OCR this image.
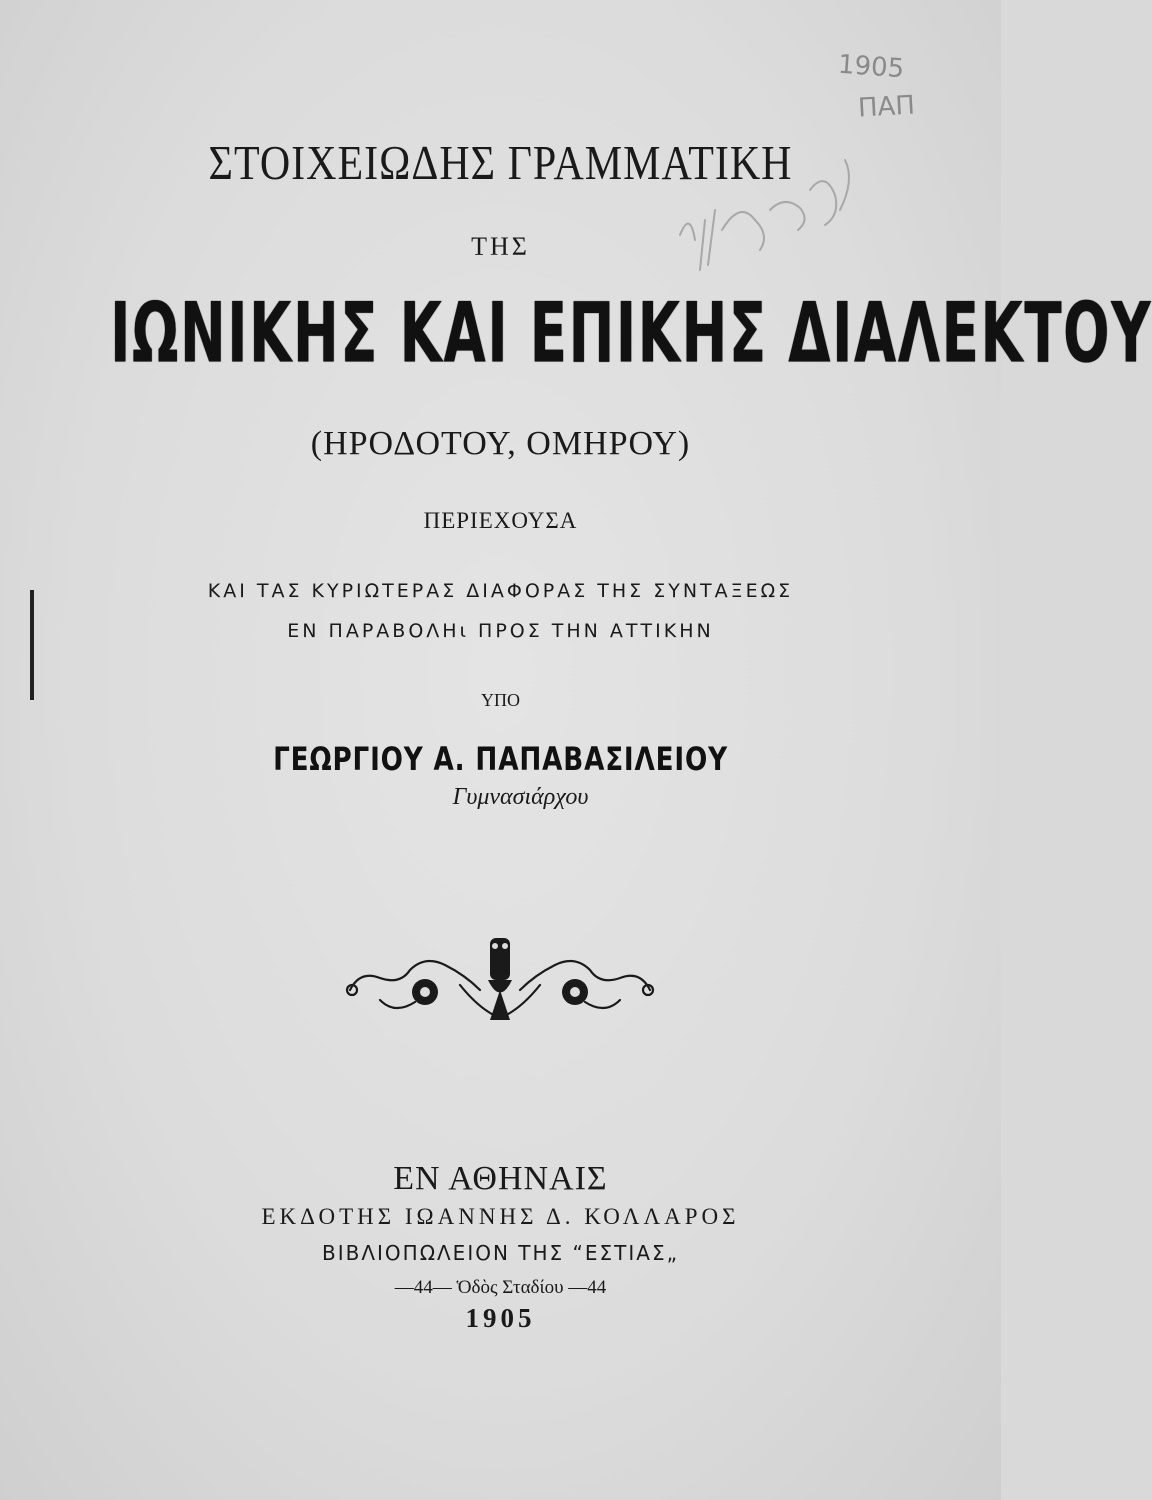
1905
ΠΑΠ
ΣΤΟΙΧΕΙΩΔΗΣ ΓΡΑΜΜΑΤΙΚΗ
ΤΗΣ
ΙΩΝΙΚΗΣ ΚΑΙ ΕΠΙΚΗΣ ΔΙΑΛΕΚΤΟΥ
(ΗΡΟΔΟΤΟΥ, ΟΜΗΡΟΥ)
ΠΕΡΙΕΧΟΥΣΑ
ΚΑΙ ΤΑΣ ΚΥΡΙΩΤΕΡΑΣ ΔΙΑΦΟΡΑΣ ΤΗΣ ΣΥΝΤΑΞΕΩΣ
ΕΝ ΠΑΡΑΒΟΛΗι ΠΡΟΣ ΤΗΝ ΑΤΤΙΚΗΝ
ΥΠΟ
ΓΕΩΡΓΙΟΥ Α. ΠΑΠΑΒΑΣΙΛΕΙΟΥ
Γυμνασιάρχου
ΕΝ ΑΘΗΝΑΙΣ
ΕΚΔΟΤΗΣ ΙΩΑΝΝΗΣ Δ. ΚΟΛΛΑΡΟΣ
ΒΙΒΛΙΟΠΩΛΕΙΟΝ ΤΗΣ “ΕΣΤΙΑΣ„
—44— Ὁδὸς Σταδίου —44
1905
